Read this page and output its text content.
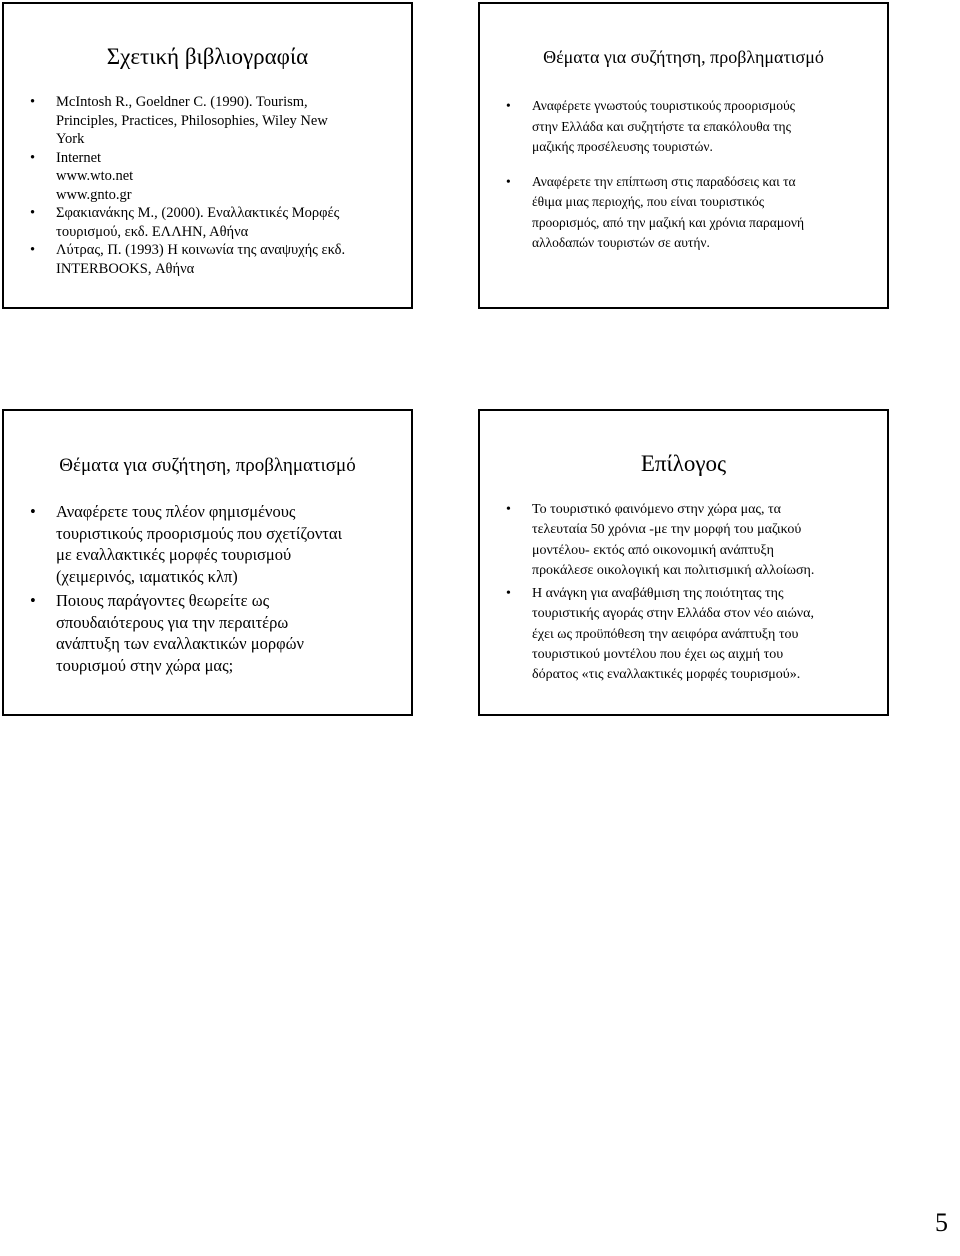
Σχετική βιβλιογραφία
• McIntosh R., Goeldner C. (1990). Tourism,
Principles, Practices, Philosophies, Wiley New
York
• Internet
www.wto.net
www.gnto.gr
• Σφακιανάκης Μ., (2000). Εναλλακτικές Μορφές
τουρισμού, εκδ. ΕΛΛΗΝ, Αθήνα
• Λύτρας, Π. (1993) Η κοινωνία της αναψυχής εκδ.
INTERBOOKS, Αθήνα
Θέματα για συζήτηση, προβληματισμό
• Αναφέρετε γνωστούς τουριστικούς προορισμούς
στην Ελλάδα και συζητήστε τα επακόλουθα της
μαζικής προσέλευσης τουριστών.
• Αναφέρετε την επίπτωση στις παραδόσεις και τα
έθιμα μιας περιοχής, που είναι τουριστικός
προορισμός, από την μαζική και χρόνια παραμονή
αλλοδαπών τουριστών σε αυτήν.
Θέματα για συζήτηση, προβληματισμό
• Αναφέρετε τους πλέον φημισμένους
τουριστικούς προορισμούς που σχετίζονται
με εναλλακτικές μορφές τουρισμού
(χειμερινός, ιαματικός κλπ)
• Ποιους παράγοντες θεωρείτε ως
σπουδαιότερους για την περαιτέρω
ανάπτυξη των εναλλακτικών μορφών
τουρισμού στην χώρα μας;
Επίλογος
• Το τουριστικό φαινόμενο στην χώρα μας, τα
τελευταία 50 χρόνια -με την μορφή του μαζικού
μοντέλου- εκτός από οικονομική ανάπτυξη
προκάλεσε οικολογική και πολιτισμική αλλοίωση.
• Η ανάγκη για αναβάθμιση της ποιότητας της
τουριστικής αγοράς στην Ελλάδα στον νέο αιώνα,
έχει ως προϋπόθεση την αειφόρα ανάπτυξη του
τουριστικού μοντέλου που έχει ως αιχμή του
δόρατος «τις εναλλακτικές μορφές τουρισμού».
5
